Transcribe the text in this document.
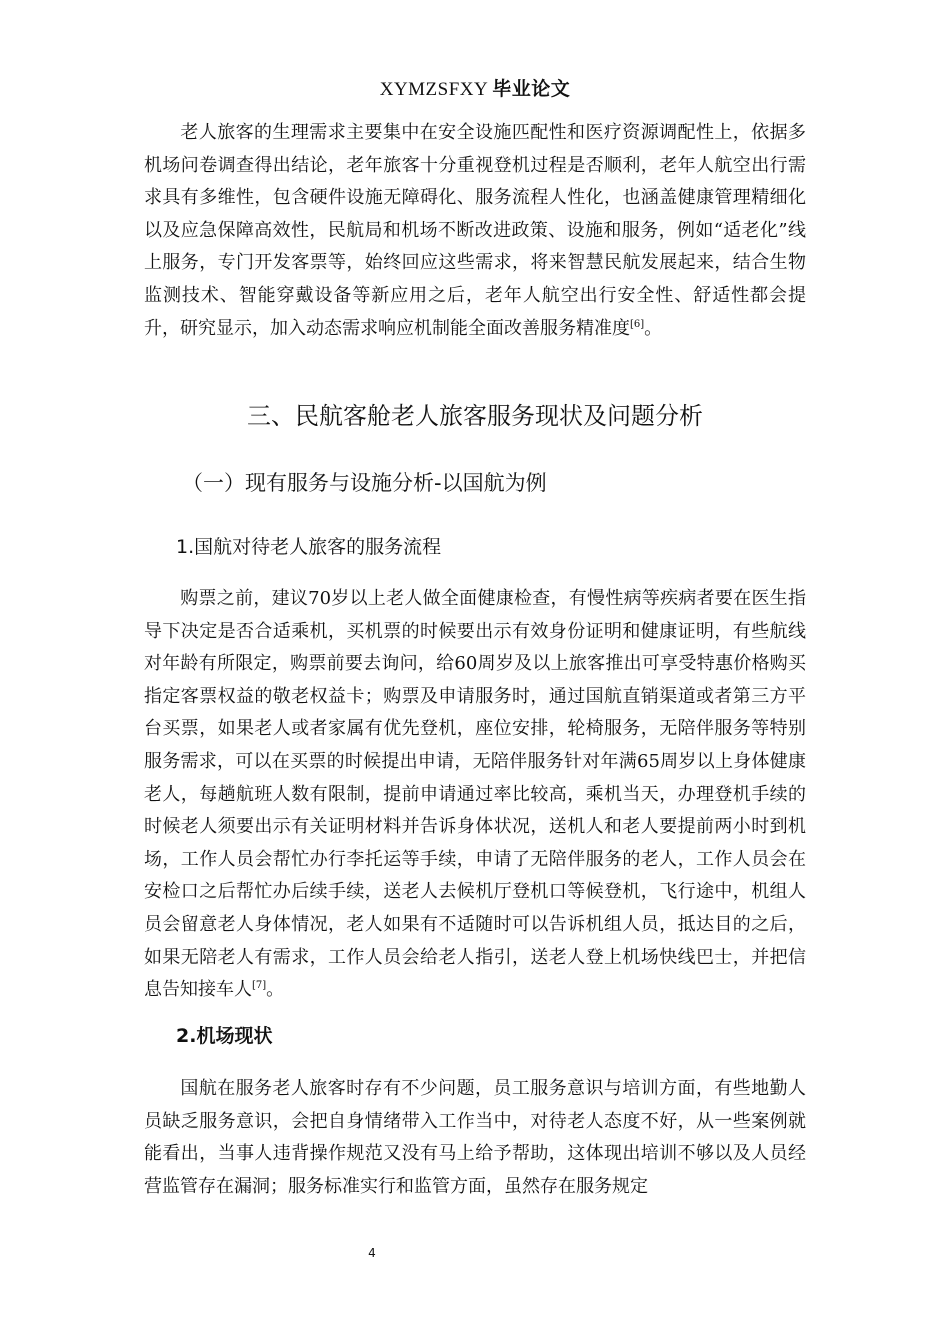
XYMZSFXY 毕业论文

老人旅客的生理需求主要集中在安全设施匹配性和医疗资源调配性上，依据多机场问卷调查得出结论，老年旅客十分重视登机过程是否顺利，老年人航空出行需求具有多维性，包含硬件设施无障碍化、服务流程人性化，也涵盖健康管理精细化以及应急保障高效性，民航局和机场不断改进政策、设施和服务，例如“适老化”线上服务，专门开发客票等，始终回应这些需求，将来智慧民航发展起来，结合生物监测技术、智能穿戴设备等新应用之后，老年人航空出行安全性、舒适性都会提升，研究显示，加入动态需求响应机制能全面改善服务精准度[6]。

三、民航客舱老人旅客服务现状及问题分析
（一）现有服务与设施分析-以国航为例
1.国航对待老人旅客的服务流程

购票之前，建议70岁以上老人做全面健康检查，有慢性病等疾病者要在医生指导下决定是否合适乘机，买机票的时候要出示有效身份证明和健康证明，有些航线对年龄有所限定，购票前要去询问，给60周岁及以上旅客推出可享受特惠价格购买指定客票权益的敬老权益卡；购票及申请服务时，通过国航直销渠道或者第三方平台买票，如果老人或者家属有优先登机，座位安排，轮椅服务，无陪伴服务等特别服务需求，可以在买票的时候提出申请，无陪伴服务针对年满65周岁以上身体健康老人，每趟航班人数有限制，提前申请通过率比较高，乘机当天，办理登机手续的时候老人须要出示有关证明材料并告诉身体状况，送机人和老人要提前两小时到机场，工作人员会帮忙办行李托运等手续，申请了无陪伴服务的老人，工作人员会在安检口之后帮忙办后续手续，送老人去候机厅登机口等候登机，飞行途中，机组人员会留意老人身体情况，老人如果有不适随时可以告诉机组人员，抵达目的之后，如果无陪老人有需求，工作人员会给老人指引，送老人登上机场快线巴士，并把信息告知接车人[7]。

2.机场现状

国航在服务老人旅客时存有不少问题，员工服务意识与培训方面，有些地勤人员缺乏服务意识，会把自身情绪带入工作当中，对待老人态度不好，从一些案例就能看出，当事人违背操作规范又没有马上给予帮助，这体现出培训不够以及人员经营监管存在漏洞；服务标准实行和监管方面，虽然存在服务规定

4
